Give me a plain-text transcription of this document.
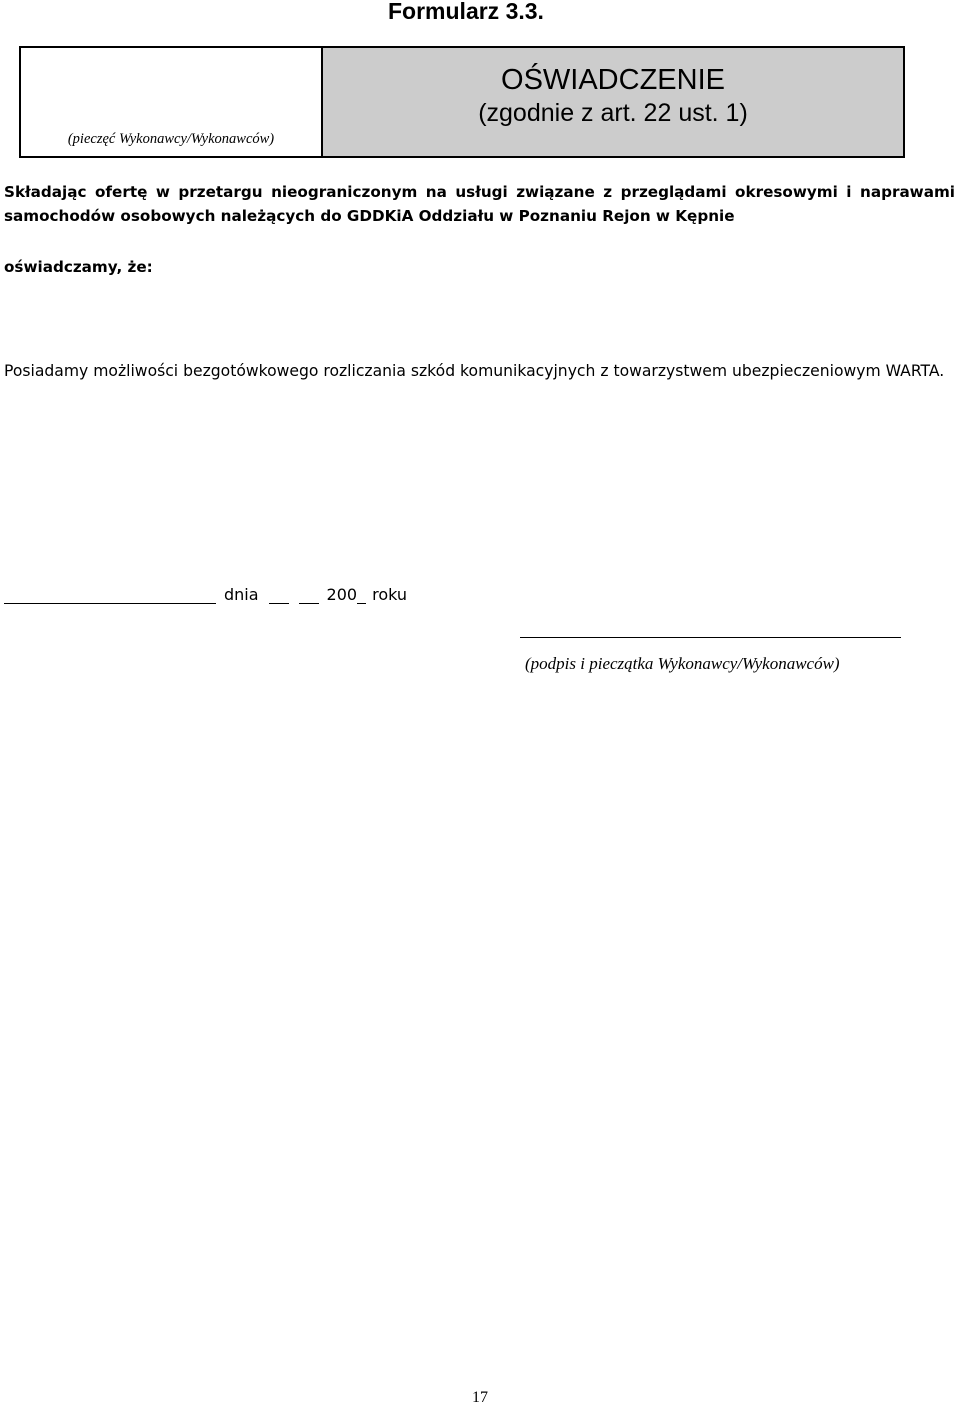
Formularz 3.3.
(pieczęć Wykonawcy/Wykonawców)
OŚWIADCZENIE
(zgodnie z art. 22 ust. 1)

Składając ofertę w przetargu nieograniczonym na usługi związane z przeglądami okresowymi i naprawami samochodów osobowych należących do GDDKiA Oddziału w Poznaniu Rejon w Kępnie

oświadczamy, że:

Posiadamy możliwości bezgotówkowego rozliczania szkód komunikacyjnych z towarzystwem ubezpieczeniowym WARTA.

dnia	200 roku
(podpis i pieczątka Wykonawcy/Wykonawców)
17
